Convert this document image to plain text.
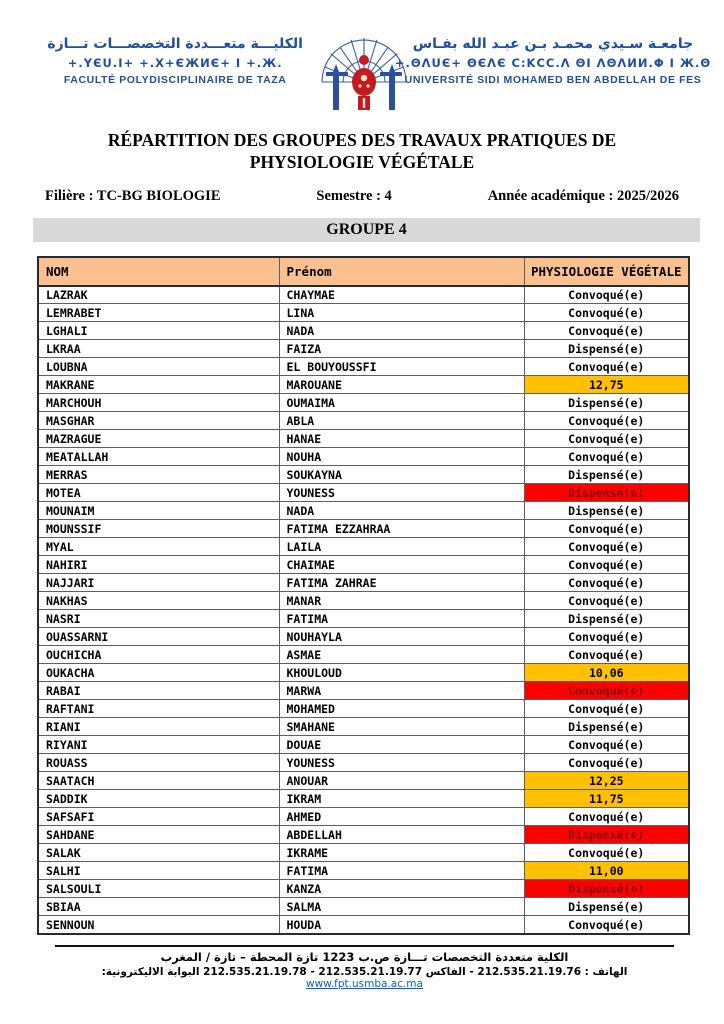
الكليـــة متعـــددة التخصصـــات تـــازة
+.YЄU.I+ +.X+ЄЖИЄ+ I +.Ж.
FACULTÉ POLYDISCIPLINAIRE DE TAZA
جامعـة سـيدي محمـد بـن عبـد الله بفـاس
+.ΘΛUЄ+ ΘЄΛЄ C:ΚCC.Λ ΘΙ ΛΘΛИИ.Φ I Ж.Θ
UNIVERSITÉ SIDI MOHAMED BEN ABDELLAH DE FES
RÉPARTITION DES GROUPES DES TRAVAUX PRATIQUES DE
PHYSIOLOGIE VÉGÉTALE
Filière : TC-BG BIOLOGIE	Semestre : 4	Année académique : 2025/2026
GROUPE 4
NOM	Prénom	PHYSIOLOGIE VÉGÉTALE
LAZRAK	CHAYMAE	Convoqué(e)
LEMRABET	LINA	Convoqué(e)
LGHALI	NADA	Convoqué(e)
LKRAA	FAIZA	Dispensé(e)
LOUBNA	EL BOUYOUSSFI	Convoqué(e)
MAKRANE	MAROUANE	12,75
MARCHOUH	OUMAIMA	Dispensé(e)
MASGHAR	ABLA	Convoqué(e)
MAZRAGUE	HANAE	Convoqué(e)
MEATALLAH	NOUHA	Convoqué(e)
MERRAS	SOUKAYNA	Dispensé(e)
MOTEA	YOUNESS	Dispensé(e)
MOUNAIM	NADA	Dispensé(e)
MOUNSSIF	FATIMA EZZAHRAA	Convoqué(e)
MYAL	LAILA	Convoqué(e)
NAHIRI	CHAIMAE	Convoqué(e)
NAJJARI	FATIMA ZAHRAE	Convoqué(e)
NAKHAS	MANAR	Convoqué(e)
NASRI	FATIMA	Dispensé(e)
OUASSARNI	NOUHAYLA	Convoqué(e)
OUCHICHA	ASMAE	Convoqué(e)
OUKACHA	KHOULOUD	10,06
RABAI	MARWA	Convoqué(e)
RAFTANI	MOHAMED	Convoqué(e)
RIANI	SMAHANE	Dispensé(e)
RIYANI	DOUAE	Convoqué(e)
ROUASS	YOUNESS	Convoqué(e)
SAATACH	ANOUAR	12,25
SADDIK	IKRAM	11,75
SAFSAFI	AHMED	Convoqué(e)
SAHDANE	ABDELLAH	Dispensé(e)
SALAK	IKRAME	Convoqué(e)
SALHI	FATIMA	11,00
SALSOULI	KANZA	Dispensé(e)
SBIAA	SALMA	Dispensé(e)
SENNOUN	HOUDA	Convoqué(e)
الكلية متعددة التخصصات تـــازة ص.ب 1223 تازة المحطة – تازة / المغرب
الهاتف : 212.535.21.19.76 - الفاكس 212.535.21.19.77 - 212.535.21.19.78 البوابة الاليكترونية: www.fpt.usmba.ac.ma
